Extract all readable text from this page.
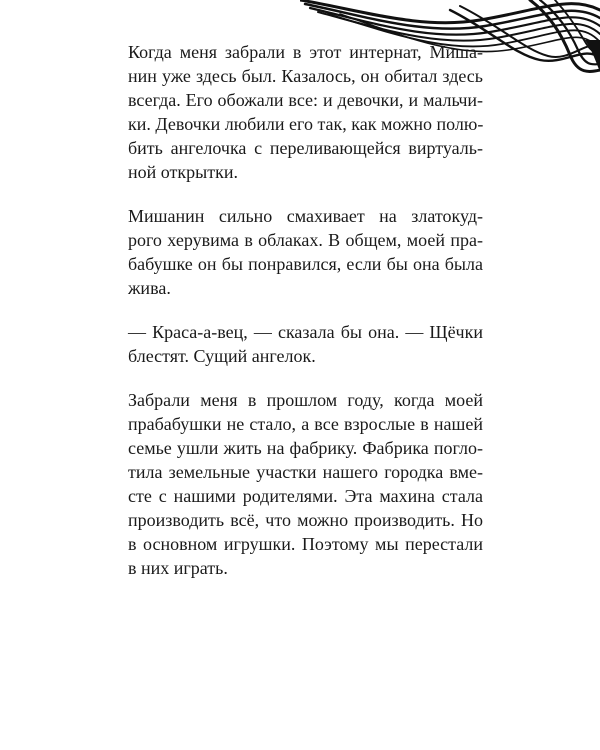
Когда меня забрали в этот интернат, Миша-
нин уже здесь был. Казалось, он обитал здесь
всегда. Его обожали все: и девочки, и мальчи-
ки. Девочки любили его так, как можно полю-
бить ангелочка с переливающейся виртуаль-
ной открытки.

Мишанин сильно смахивает на златокуд-
рого херувима в облаках. В общем, моей пра-
бабушке он бы понравился, если бы она была
жива.

— Краса-а-вец, — сказала бы она. — Щёчки
блестят. Сущий ангелок.

Забрали меня в прошлом году, когда моей
прабабушки не стало, а все взрослые в нашей
семье ушли жить на фабрику. Фабрика погло-
тила земельные участки нашего городка вме-
сте с нашими родителями. Эта махина стала
производить всё, что можно производить. Но
в основном игрушки. Поэтому мы перестали
в них играть.
